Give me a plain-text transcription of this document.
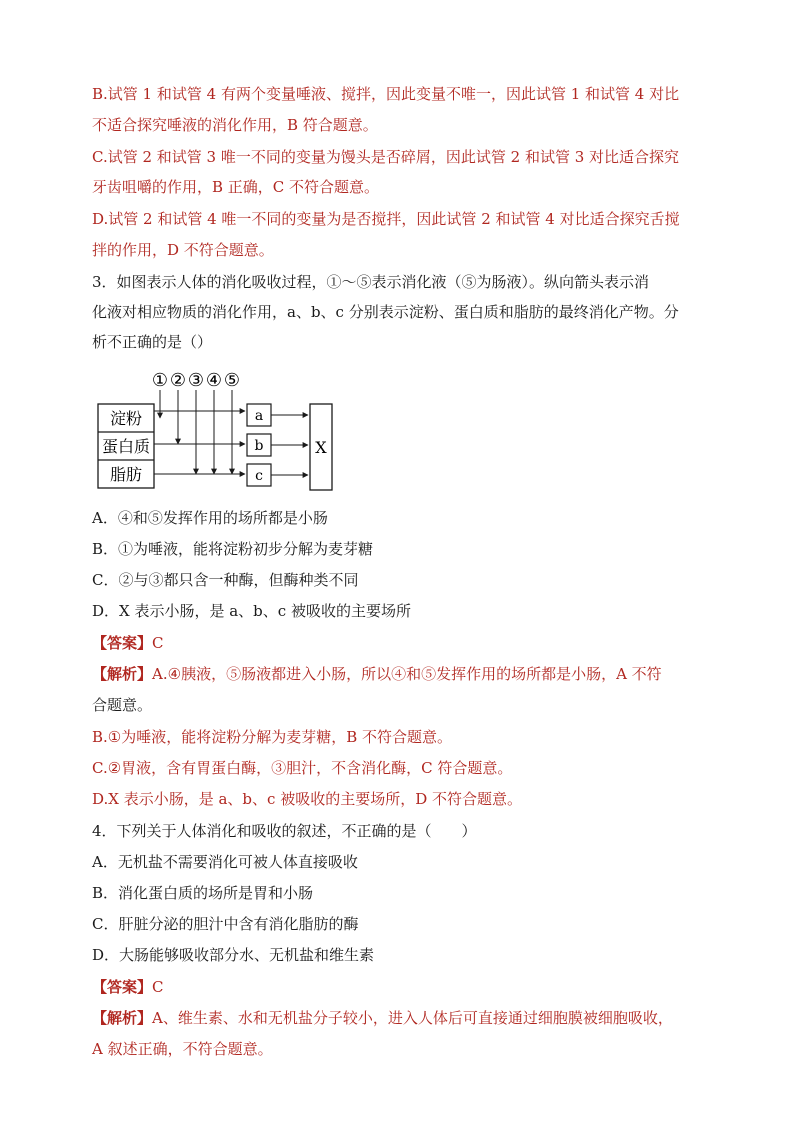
B.试管 1 和试管 4 有两个变量唾液、搅拌，因此变量不唯一，因此试管 1 和试管 4 对比
不适合探究唾液的消化作用，B 符合题意。
C.试管 2 和试管 3 唯一不同的变量为馒头是否碎屑，因此试管 2 和试管 3 对比适合探究
牙齿咀嚼的作用，B 正确，C 不符合题意。
D.试管 2 和试管 4 唯一不同的变量为是否搅拌，因此试管 2 和试管 4 对比适合探究舌搅
拌的作用，D 不符合题意。
3．如图表示人体的消化吸收过程，①～⑤表示消化液（⑤为肠液）。纵向箭头表示消
化液对相应物质的消化作用，a、b、c 分别表示淀粉、蛋白质和脂肪的最终消化产物。分
析不正确的是（）
① ② ③ ④ ⑤
淀粉
蛋白质
脂肪
a
b
c
X
A．④和⑤发挥作用的场所都是小肠
B．①为唾液，能将淀粉初步分解为麦芽糖
C．②与③都只含一种酶，但酶种类不同
D．X 表示小肠，是 a、b、c 被吸收的主要场所
【答案】C
【解析】A.④胰液，⑤肠液都进入小肠，所以④和⑤发挥作用的场所都是小肠，A 不符
合题意。
B.①为唾液，能将淀粉分解为麦芽糖，B 不符合题意。
C.②胃液，含有胃蛋白酶，③胆汁，不含消化酶，C 符合题意。
D.X 表示小肠，是 a、b、c 被吸收的主要场所，D 不符合题意。
4．下列关于人体消化和吸收的叙述，不正确的是（　　）
A．无机盐不需要消化可被人体直接吸收
B．消化蛋白质的场所是胃和小肠
C．肝脏分泌的胆汁中含有消化脂肪的酶
D．大肠能够吸收部分水、无机盐和维生素
【答案】C
【解析】A、维生素、水和无机盐分子较小，进入人体后可直接通过细胞膜被细胞吸收，
A 叙述正确，不符合题意。
